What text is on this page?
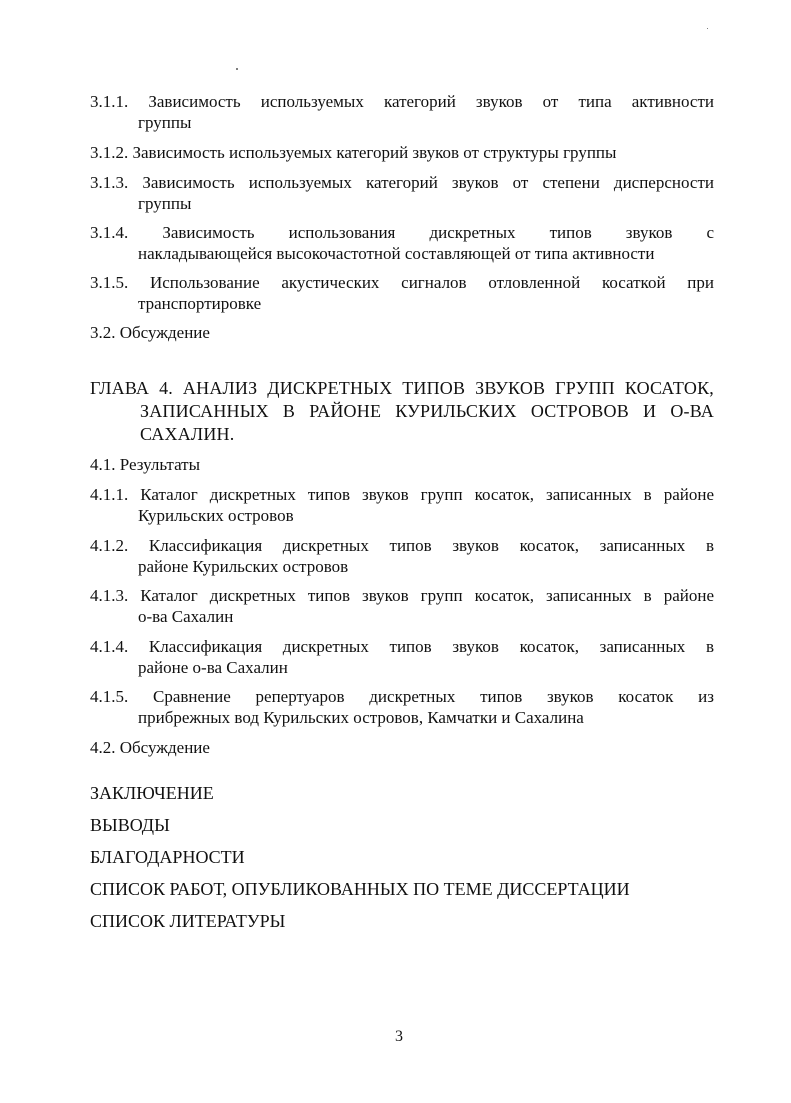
3.1.1. Зависимость используемых категорий звуков от типа активности
группы
3.1.2. Зависимость используемых категорий звуков от структуры группы
3.1.3. Зависимость используемых категорий звуков от степени дисперсности
группы
3.1.4. Зависимость использования дискретных типов звуков с
накладывающейся высокочастотной составляющей от типа активности
3.1.5. Использование акустических сигналов отловленной косаткой при
транспортировке
3.2. Обсуждение
ГЛАВА 4. АНАЛИЗ ДИСКРЕТНЫХ ТИПОВ ЗВУКОВ ГРУПП КОСАТОК,
ЗАПИСАННЫХ В РАЙОНЕ КУРИЛЬСКИХ ОСТРОВОВ И О-ВА
САХАЛИН.
4.1. Результаты
4.1.1. Каталог дискретных типов звуков групп косаток, записанных в районе
Курильских островов
4.1.2. Классификация дискретных типов звуков косаток, записанных в
районе Курильских островов
4.1.3. Каталог дискретных типов звуков групп косаток, записанных в районе
о-ва Сахалин
4.1.4. Классификация дискретных типов звуков косаток, записанных в
районе о-ва Сахалин
4.1.5. Сравнение репертуаров дискретных типов звуков косаток из
прибрежных вод Курильских островов, Камчатки и Сахалина
4.2. Обсуждение
ЗАКЛЮЧЕНИЕ
ВЫВОДЫ
БЛАГОДАРНОСТИ
СПИСОК РАБОТ, ОПУБЛИКОВАННЫХ ПО ТЕМЕ ДИССЕРТАЦИИ
СПИСОК ЛИТЕРАТУРЫ
3
